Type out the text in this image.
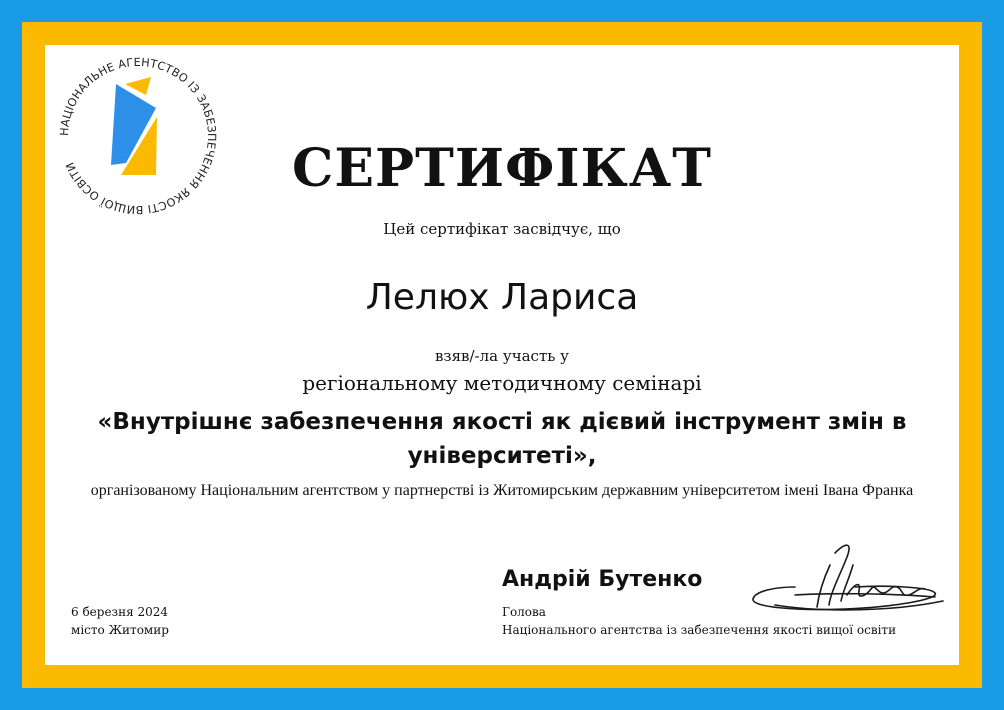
НАЦІОНАЛЬНЕ АГЕНТСТВО ІЗ ЗАБЕЗПЕЧЕННЯ ЯКОСТІ ВИЩОЇ ОСВІТИ	СЕРТИФІКАТ
Цей сертифікат засвідчує, що
Лелюх Лариса
взяв/-ла участь у
регіональному методичному семінарі
«Внутрішнє забезпечення якості як дієвий інструмент змін в університеті»,
організованому Національним агентством у партнерстві із Житомирським державним університетом імені Івана Франка
6 березня 2024
місто Житомир
Андрій Бутенко
Голова
Національного агентства із забезпечення якості вищої освіти
